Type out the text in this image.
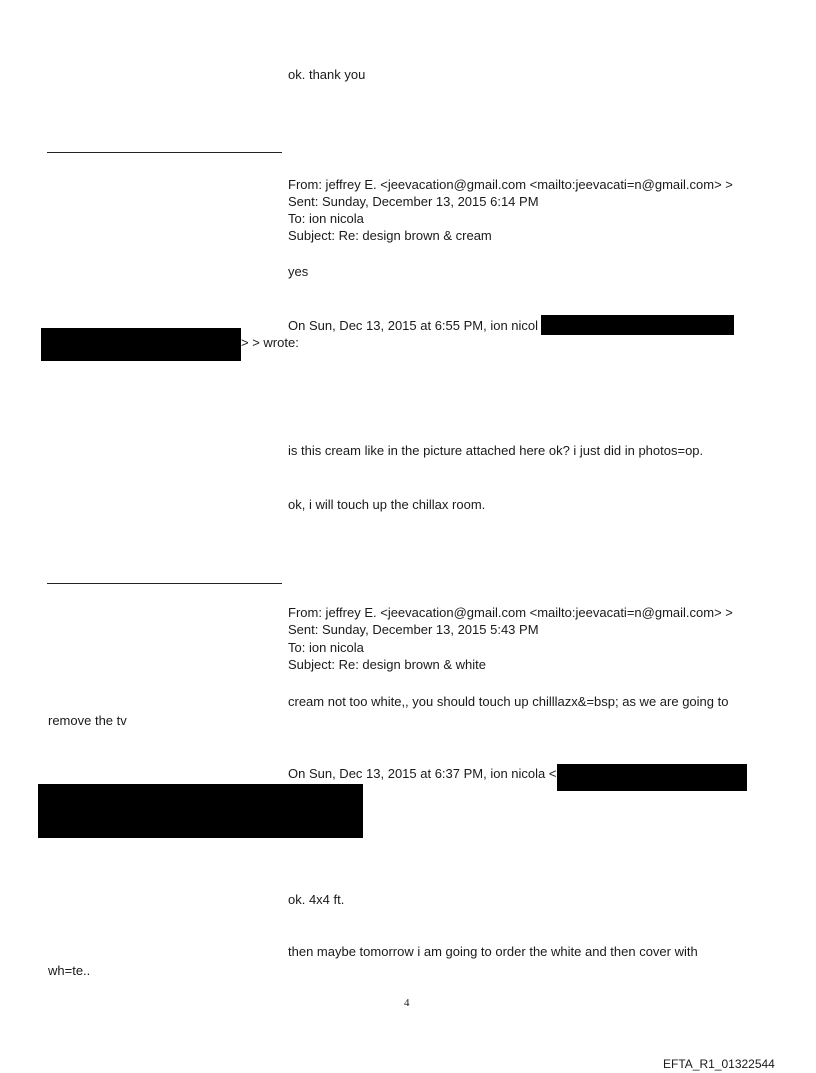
ok. thank you
From: jeffrey E. <jeevacation@gmail.com <mailto:jeevacati=n@gmail.com> >
Sent: Sunday, December 13, 2015 6:14 PM
To: ion nicola
Subject: Re: design brown & cream
yes
On Sun, Dec 13, 2015 at 6:55 PM, ion nicol
> > wrote:
is this cream like in the picture attached here ok? i just did in photos=op.
ok, i will touch up the chillax room.
From: jeffrey E. <jeevacation@gmail.com <mailto:jeevacati=n@gmail.com> >
Sent: Sunday, December 13, 2015 5:43 PM
To: ion nicola
Subject: Re: design brown & white
cream not too white,, you should touch up chilllazx&=bsp; as we are going to
remove the tv
On Sun, Dec 13, 2015 at 6:37 PM, ion nicola <
ok. 4x4 ft.
then maybe tomorrow i am going to order the white and then cover with
wh=te..
4
EFTA_R1_01322544
